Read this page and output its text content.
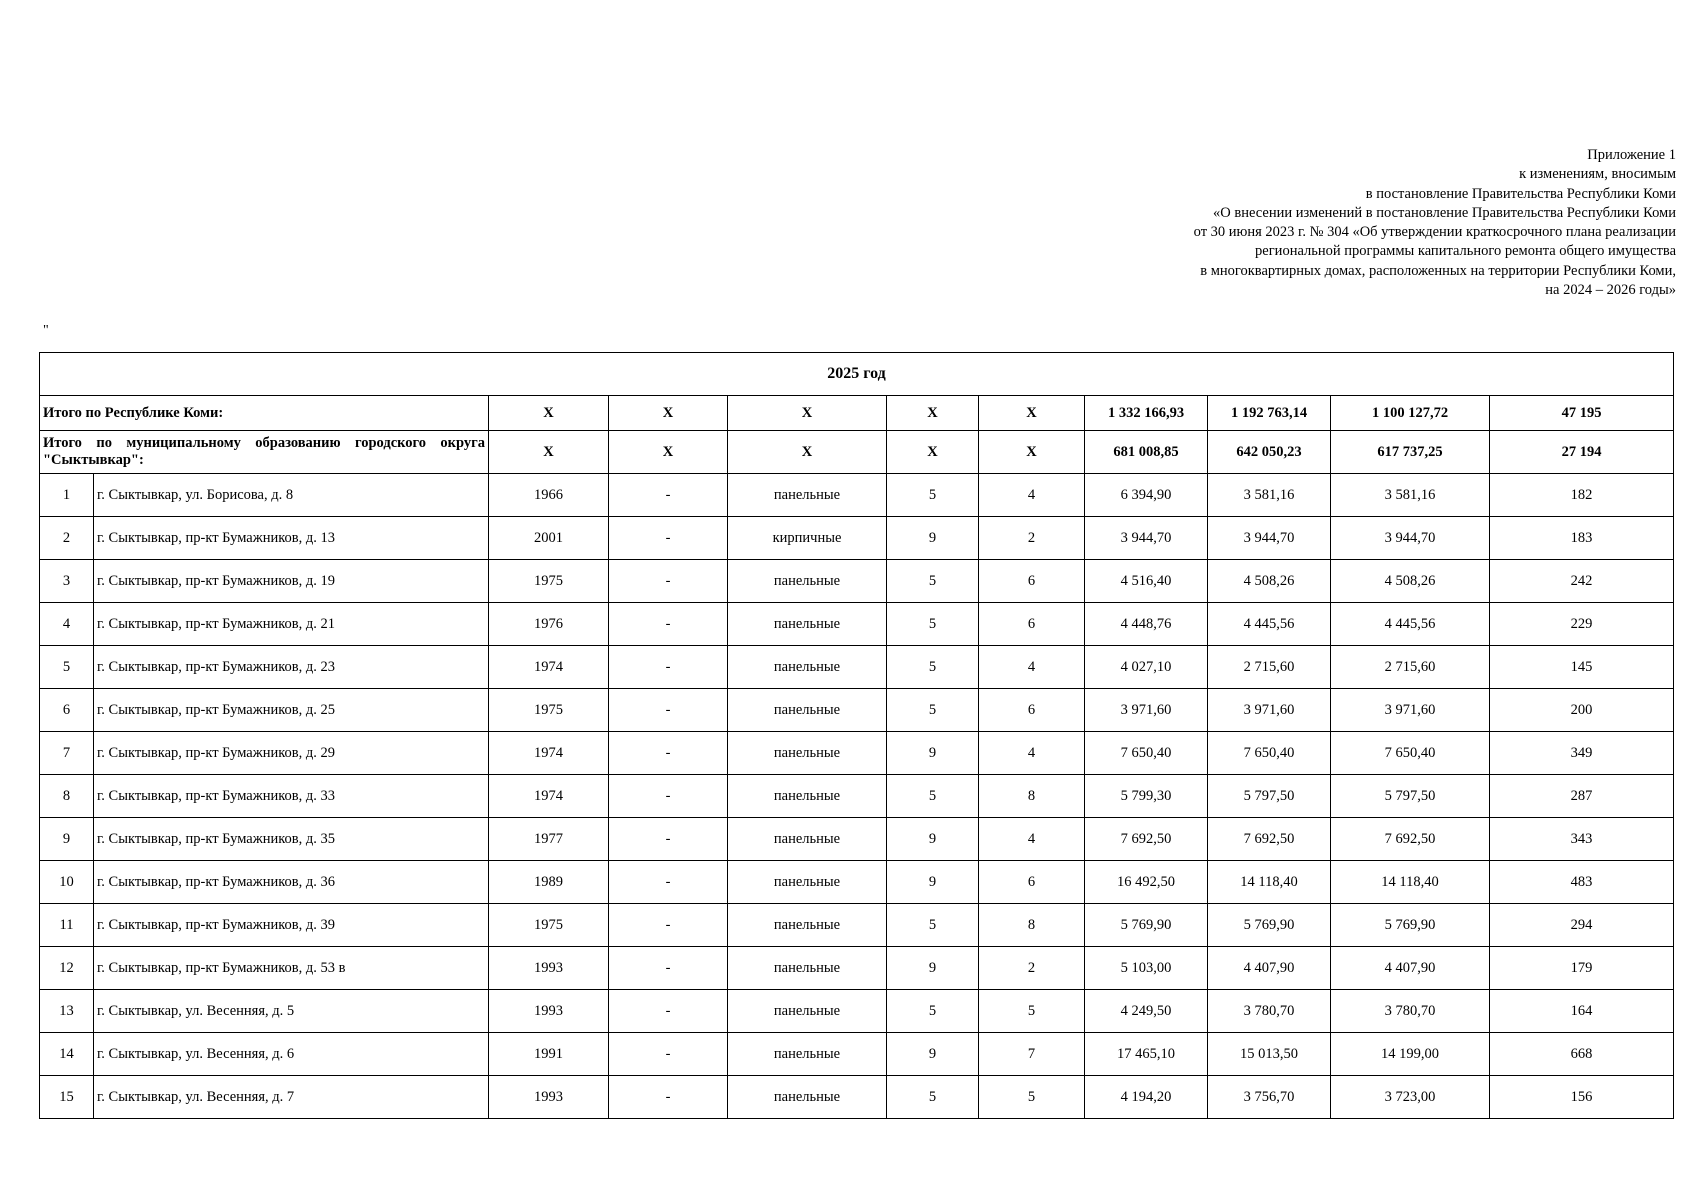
Приложение 1
к изменениям, вносимым
в постановление Правительства Республики Коми
«О внесении изменений в постановление Правительства Республики Коми
от 30 июня 2023 г. № 304 «Об утверждении краткосрочного плана реализации
региональной программы капитального ремонта общего имущества
в многоквартирных домах, расположенных на территории Республики Коми,
на 2024 – 2026 годы»
"
2025 год										
Итого по Республике Коми:		Х	Х	Х	Х	Х	1 332 166,93	1 192 763,14	1 100 127,72	47 195
Итого по муниципальному образованию городского округа "Сыктывкар":		Х	Х	Х	Х	Х	681 008,85	642 050,23	617 737,25	27 194
1	г. Сыктывкар, ул. Борисова, д. 8	1966	-	панельные	5	4	6 394,90	3 581,16	3 581,16	182
2	г. Сыктывкар, пр-кт Бумажников, д. 13	2001	-	кирпичные	9	2	3 944,70	3 944,70	3 944,70	183
3	г. Сыктывкар, пр-кт Бумажников, д. 19	1975	-	панельные	5	6	4 516,40	4 508,26	4 508,26	242
4	г. Сыктывкар, пр-кт Бумажников, д. 21	1976	-	панельные	5	6	4 448,76	4 445,56	4 445,56	229
5	г. Сыктывкар, пр-кт Бумажников, д. 23	1974	-	панельные	5	4	4 027,10	2 715,60	2 715,60	145
6	г. Сыктывкар, пр-кт Бумажников, д. 25	1975	-	панельные	5	6	3 971,60	3 971,60	3 971,60	200
7	г. Сыктывкар, пр-кт Бумажников, д. 29	1974	-	панельные	9	4	7 650,40	7 650,40	7 650,40	349
8	г. Сыктывкар, пр-кт Бумажников, д. 33	1974	-	панельные	5	8	5 799,30	5 797,50	5 797,50	287
9	г. Сыктывкар, пр-кт Бумажников, д. 35	1977	-	панельные	9	4	7 692,50	7 692,50	7 692,50	343
10	г. Сыктывкар, пр-кт Бумажников, д. 36	1989	-	панельные	9	6	16 492,50	14 118,40	14 118,40	483
11	г. Сыктывкар, пр-кт Бумажников, д. 39	1975	-	панельные	5	8	5 769,90	5 769,90	5 769,90	294
12	г. Сыктывкар, пр-кт Бумажников, д. 53 в	1993	-	панельные	9	2	5 103,00	4 407,90	4 407,90	179
13	г. Сыктывкар, ул. Весенняя, д. 5	1993	-	панельные	5	5	4 249,50	3 780,70	3 780,70	164
14	г. Сыктывкар, ул. Весенняя, д. 6	1991	-	панельные	9	7	17 465,10	15 013,50	14 199,00	668
15	г. Сыктывкар, ул. Весенняя, д. 7	1993	-	панельные	5	5	4 194,20	3 756,70	3 723,00	156
